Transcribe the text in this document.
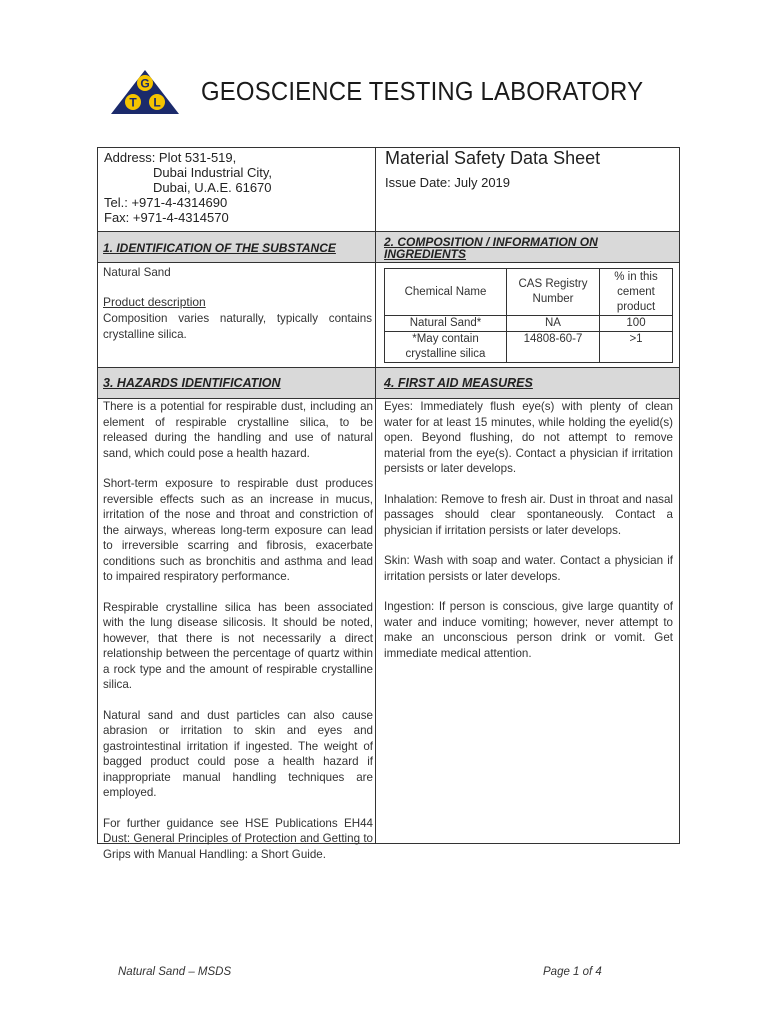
G
T L GEOSCIENCE TESTING LABORATORY
Address: Plot 531-519,
Dubai Industrial City,
Dubai, U.A.E. 61670
Tel.: +971-4-4314690
Fax: +971-4-4314570
Material Safety Data Sheet
Issue Date: July 2019
1. IDENTIFICATION OF THE SUBSTANCE	2. COMPOSITION / INFORMATION ON INGREDIENTS
Natural Sand
Product description
Composition varies naturally, typically contains crystalline silica.
Chemical Name	CAS Registry Number	% in this cement product
Natural Sand*	NA	100
*May contain crystalline silica	14808-60-7	>1
3. HAZARDS IDENTIFICATION	4. FIRST AID MEASURES

There is a potential for respirable dust, including an element of respirable crystalline silica, to be released during the handling and use of natural sand, which could pose a health hazard.

Short-term exposure to respirable dust produces reversible effects such as an increase in mucus, irritation of the nose and throat and constriction of the airways, whereas long-term exposure can lead to irreversible scarring and fibrosis, exacerbate conditions such as bronchitis and asthma and lead to impaired respiratory performance.

Respirable crystalline silica has been associated with the lung disease silicosis. It should be noted, however, that there is not necessarily a direct relationship between the percentage of quartz within a rock type and the amount of respirable crystalline silica.

Natural sand and dust particles can also cause abrasion or irritation to skin and eyes and gastrointestinal irritation if ingested. The weight of bagged product could pose a health hazard if inappropriate manual handling techniques are employed.

For further guidance see HSE Publications EH44 Dust: General Principles of Protection and Getting to Grips with Manual Handling: a Short Guide.

Eyes: Immediately flush eye(s) with plenty of clean water for at least 15 minutes, while holding the eyelid(s) open. Beyond flushing, do not attempt to remove material from the eye(s). Contact a physician if irritation persists or later develops.

Inhalation: Remove to fresh air. Dust in throat and nasal passages should clear spontaneously. Contact a physician if irritation persists or later develops.

Skin: Wash with soap and water. Contact a physician if irritation persists or later develops.

Ingestion: If person is conscious, give large quantity of water and induce vomiting; however, never attempt to make an unconscious person drink or vomit. Get immediate medical attention.

Natural Sand – MSDS	Page 1 of 4
